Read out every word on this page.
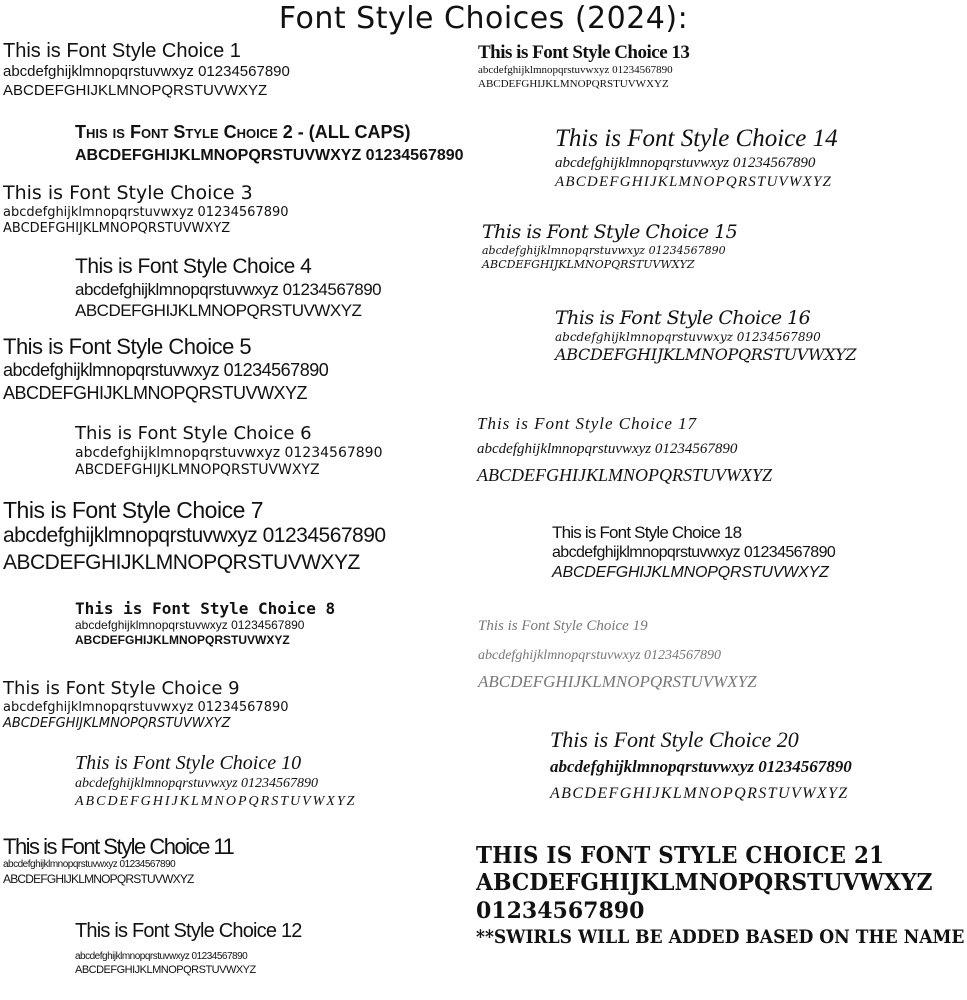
Font Style Choices (2024):
This is Font Style Choice 1
abcdefghijklmnopqrstuvwxyz 01234567890
ABCDEFGHIJKLMNOPQRSTUVWXYZ
This is Font Style Choice 2 - (ALL CAPS)
ABCDEFGHIJKLMNOPQRSTUVWXYZ 01234567890
This is Font Style Choice 3
abcdefghijklmnopqrstuvwxyz 01234567890
ABCDEFGHIJKLMNOPQRSTUVWXYZ
This is Font Style Choice 4
abcdefghijklmnopqrstuvwxyz 01234567890
ABCDEFGHIJKLMNOPQRSTUVWXYZ
This is Font Style Choice 5
abcdefghijklmnopqrstuvwxyz 01234567890
ABCDEFGHIJKLMNOPQRSTUVWXYZ
This is Font Style Choice 6
abcdefghijklmnopqrstuvwxyz 01234567890
ABCDEFGHIJKLMNOPQRSTUVWXYZ
This is Font Style Choice 7
abcdefghijklmnopqrstuvwxyz 01234567890
ABCDEFGHIJKLMNOPQRSTUVWXYZ
This is Font Style Choice 8
abcdefghijklmnopqrstuvwxyz 01234567890
ABCDEFGHIJKLMNOPQRSTUVWXYZ
This is Font Style Choice 9
abcdefghijklmnopqrstuvwxyz 01234567890
ABCDEFGHIJKLMNOPQRSTUVWXYZ
This is Font Style Choice 10
abcdefghijklmnopqrstuvwxyz 01234567890
ABCDEFGHIJKLMNOPQRSTUVWXYZ
This is Font Style Choice 11
abcdefghijklmnopqrstuvwxyz 01234567890
ABCDEFGHIJKLMNOPQRSTUVWXYZ
This is Font Style Choice 12
abcdefghijklmnopqrstuvwxyz 01234567890
ABCDEFGHIJKLMNOPQRSTUVWXYZ
This is Font Style Choice 13
abcdefghijklmnopqrstuvwxyz 01234567890
ABCDEFGHIJKLMNOPQRSTUVWXYZ
This is Font Style Choice 14
abcdefghijklmnopqrstuvwxyz 01234567890
ABCDEFGHIJKLMNOPQRSTUVWXYZ
This is Font Style Choice 15
abcdefghijklmnopqrstuvwxyz 01234567890
ABCDEFGHIJKLMNOPQRSTUVWXYZ
This is Font Style Choice 16
abcdefghijklmnopqrstuvwxyz 01234567890
ABCDEFGHIJKLMNOPQRSTUVWXYZ
This is Font Style Choice 17
abcdefghijklmnopqrstuvwxyz 01234567890
ABCDEFGHIJKLMNOPQRSTUVWXYZ
This is Font Style Choice 18
abcdefghijklmnopqrstuvwxyz 01234567890
ABCDEFGHIJKLMNOPQRSTUVWXYZ
This is Font Style Choice 19
abcdefghijklmnopqrstuvwxyz 01234567890
ABCDEFGHIJKLMNOPQRSTUVWXYZ
This is Font Style Choice 20
abcdefghijklmnopqrstuvwxyz 01234567890
ABCDEFGHIJKLMNOPQRSTUVWXYZ
THIS IS FONT STYLE CHOICE 21
ABCDEFGHIJKLMNOPQRSTUVWXYZ
01234567890
**SWIRLS WILL BE ADDED BASED ON THE NAME
